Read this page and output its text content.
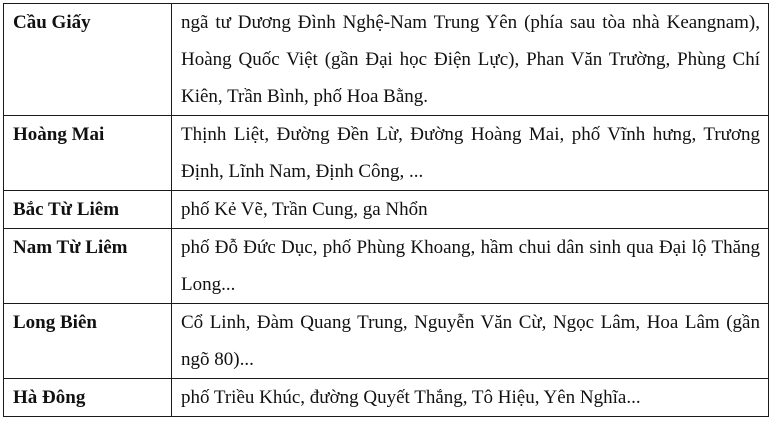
Cầu Giấy	ngã tư Dương Đình Nghệ-Nam Trung Yên (phía sau tòa nhà Keangnam), Hoàng Quốc Việt (gần Đại học Điện Lực), Phan Văn Trường, Phùng Chí Kiên, Trần Bình, phố Hoa Bằng.
Hoàng Mai	Thịnh Liệt, Đường Đền Lừ, Đường Hoàng Mai, phố Vĩnh hưng, Trương Định, Lĩnh Nam, Định Công, ...
Bắc Từ Liêm	phố Kẻ Vẽ, Trần Cung, ga Nhổn
Nam Từ Liêm	phố Đỗ Đức Dục, phố Phùng Khoang, hầm chui dân sinh qua Đại lộ Thăng Long...
Long Biên	Cổ Linh, Đàm Quang Trung, Nguyễn Văn Cừ, Ngọc Lâm, Hoa Lâm (gần ngõ 80)...
Hà Đông	phố Triều Khúc, đường Quyết Thắng, Tô Hiệu, Yên Nghĩa...
